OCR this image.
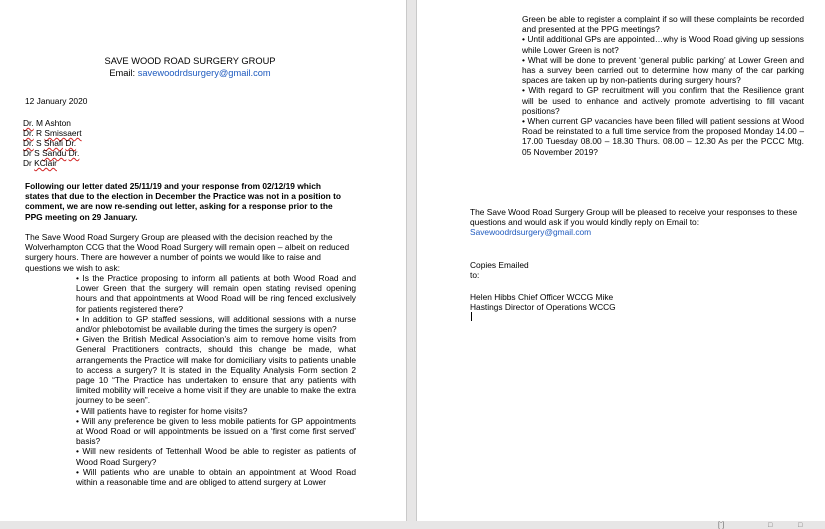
SAVE WOOD ROAD SURGERY GROUP
Email: savewoodrdsurgery@gmail.com
12 January 2020
Dr. M Ashton
Dr. R Smissaert
Dr. S Shafi Dr.
Dr S Sandu Dr.
Dr KClair

Following our letter dated 25/11/19 and your response from 02/12/19 which states that due to the election in December the Practice was not in a position to comment, we are now re-sending out letter, asking for a response prior to the PPG meeting on 29 January.

The Save Wood Road Surgery Group are pleased with the decision reached by the Wolverhampton CCG that the Wood Road Surgery will remain open – albeit on reduced surgery hours. There are however a number of points we would like to raise and questions we wish to ask:

• Is the Practice proposing to inform all patients at both Wood Road and Lower Green that the surgery will remain open stating revised opening hours and that appointments at Wood Road will be ring fenced exclusively for patients registered there?
• In addition to GP staffed sessions, will additional sessions with a nurse and/or phlebotomist be available during the times the surgery is open?
• Given the British Medical Association’s aim to remove home visits from General Practitioners contracts, should this change be made, what arrangements the Practice will make for domiciliary visits to patients unable to access a surgery? It is stated in the Equality Analysis Form section 2 page 10 “The Practice has undertaken to ensure that any patients with limited mobility will receive a home visit if they are unable to make the extra journey to be seen”.
• Will patients have to register for home visits?
• Will any preference be given to less mobile patients for GP appointments at Wood Road or will appointments be issued on a ‘first come first served’ basis?
• Will new residents of Tettenhall Wood be able to register as patients of Wood Road Surgery?
• Will patients who are unable to obtain an appointment at Wood Road within a reasonable time and are obliged to attend surgery at Lower
Green be able to register a complaint if so will these complaints be recorded and presented at the PPG meetings?
• Until additional GPs are appointed…why is Wood Road giving up sessions while Lower Green is not?
• What will be done to prevent ‘general public parking’ at Lower Green and has a survey been carried out to determine how many of the car parking spaces are taken up by non-patients during surgery hours?
• With regard to GP recruitment will you confirm that the Resilience grant will be used to enhance and actively promote advertising to fill vacant positions?
• When current GP vacancies have been filled will patient sessions at Wood Road be reinstated to a full time service from the proposed Monday 14.00 – 17.00 Tuesday 08.00 – 18.30 Thurs. 08.00 – 12.30 As per the PCCC Mtg. 05 November 2019?
The Save Wood Road Surgery Group will be pleased to receive your responses to these questions and would ask if you would kindly reply on Email to:
Savewoodrdsurgery@gmail.com
Copies Emailed
to:
Helen Hibbs Chief Officer WCCG Mike
Hastings Director of Operations WCCG
[ˉ]	□	□
